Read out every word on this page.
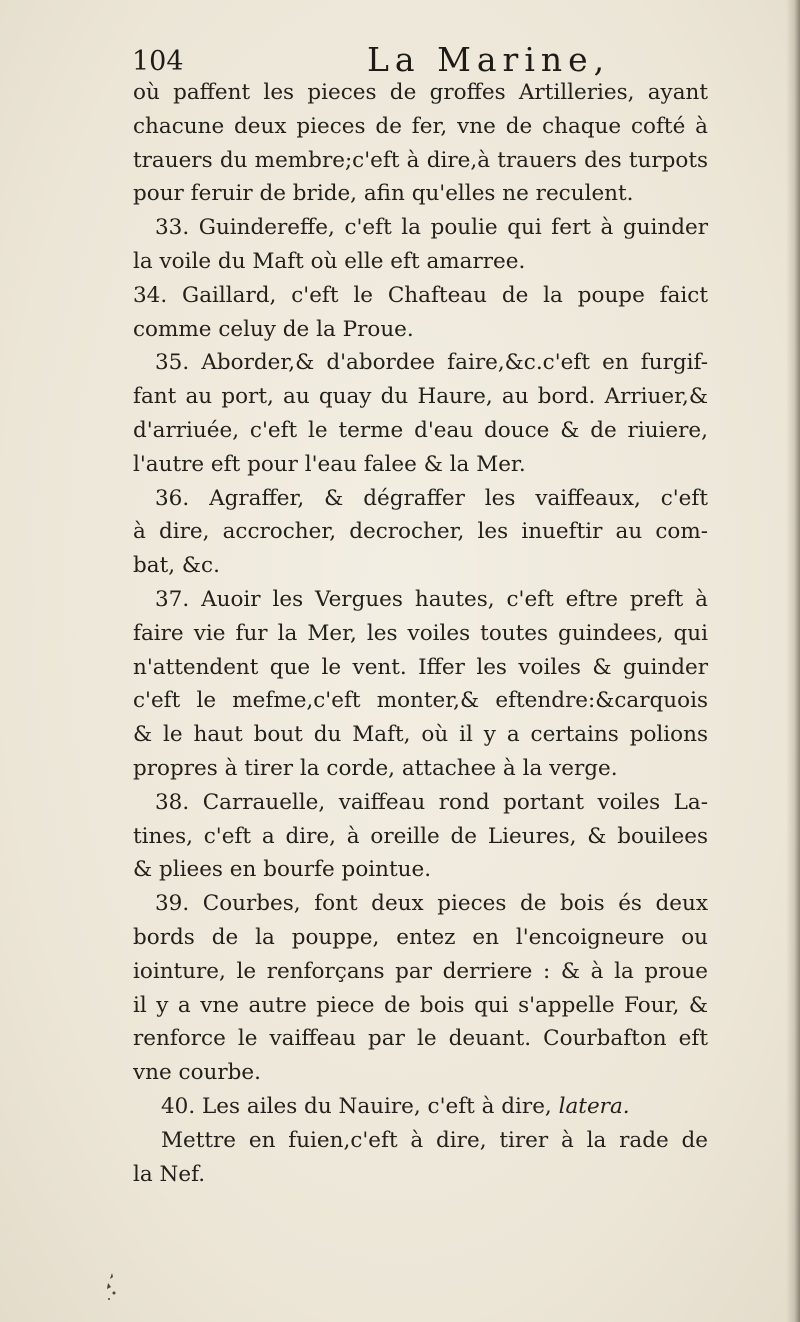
104	La Marine,
où paffent les pieces de groffes Artilleries, ayant
chacune deux pieces de fer, vne de chaque cofté à
trauers du membre;c'eft à dire,à trauers des turpots
pour feruir de bride, afin qu'elles ne reculent.
33. Guindereffe, c'eft la poulie qui fert à guinder
la voile du Maft où elle eft amarree.
34. Gaillard, c'eft le Chafteau de la poupe faict
comme celuy de la Proue.
35. Aborder,& d'abordee faire,&c.c'eft en furgif-
fant au port, au quay du Haure, au bord. Arriuer,&
d'arriuée, c'eft le terme d'eau douce & de riuiere,
l'autre eft pour l'eau falee & la Mer.
36. Agraffer, & dégraffer les vaiffeaux, c'eft
à dire, accrocher, decrocher, les inueftir au com-
bat, &c.
37. Auoir les Vergues hautes, c'eft eftre preft à
faire vie fur la Mer, les voiles toutes guindees, qui
n'attendent que le vent. Iffer les voiles & guinder
c'eft le mefme,c'eft monter,& eftendre:&carquois
& le haut bout du Maft, où il y a certains polions
propres à tirer la corde, attachee à la verge.
38. Carrauelle, vaiffeau rond portant voiles La-
tines, c'eft a dire, à oreille de Lieures, & bouilees
& pliees en bourfe pointue.
39. Courbes, font deux pieces de bois és deux
bords de la pouppe, entez en l'encoigneure ou
iointure, le renforçans par derriere : & à la proue
il y a vne autre piece de bois qui s'appelle Four, &
renforce le vaiffeau par le deuant. Courbafton eft
vne courbe.
40. Les ailes du Nauire, c'eft à dire, latera.
Mettre en fuien,c'eft à dire, tirer à la rade de
la Nef.
